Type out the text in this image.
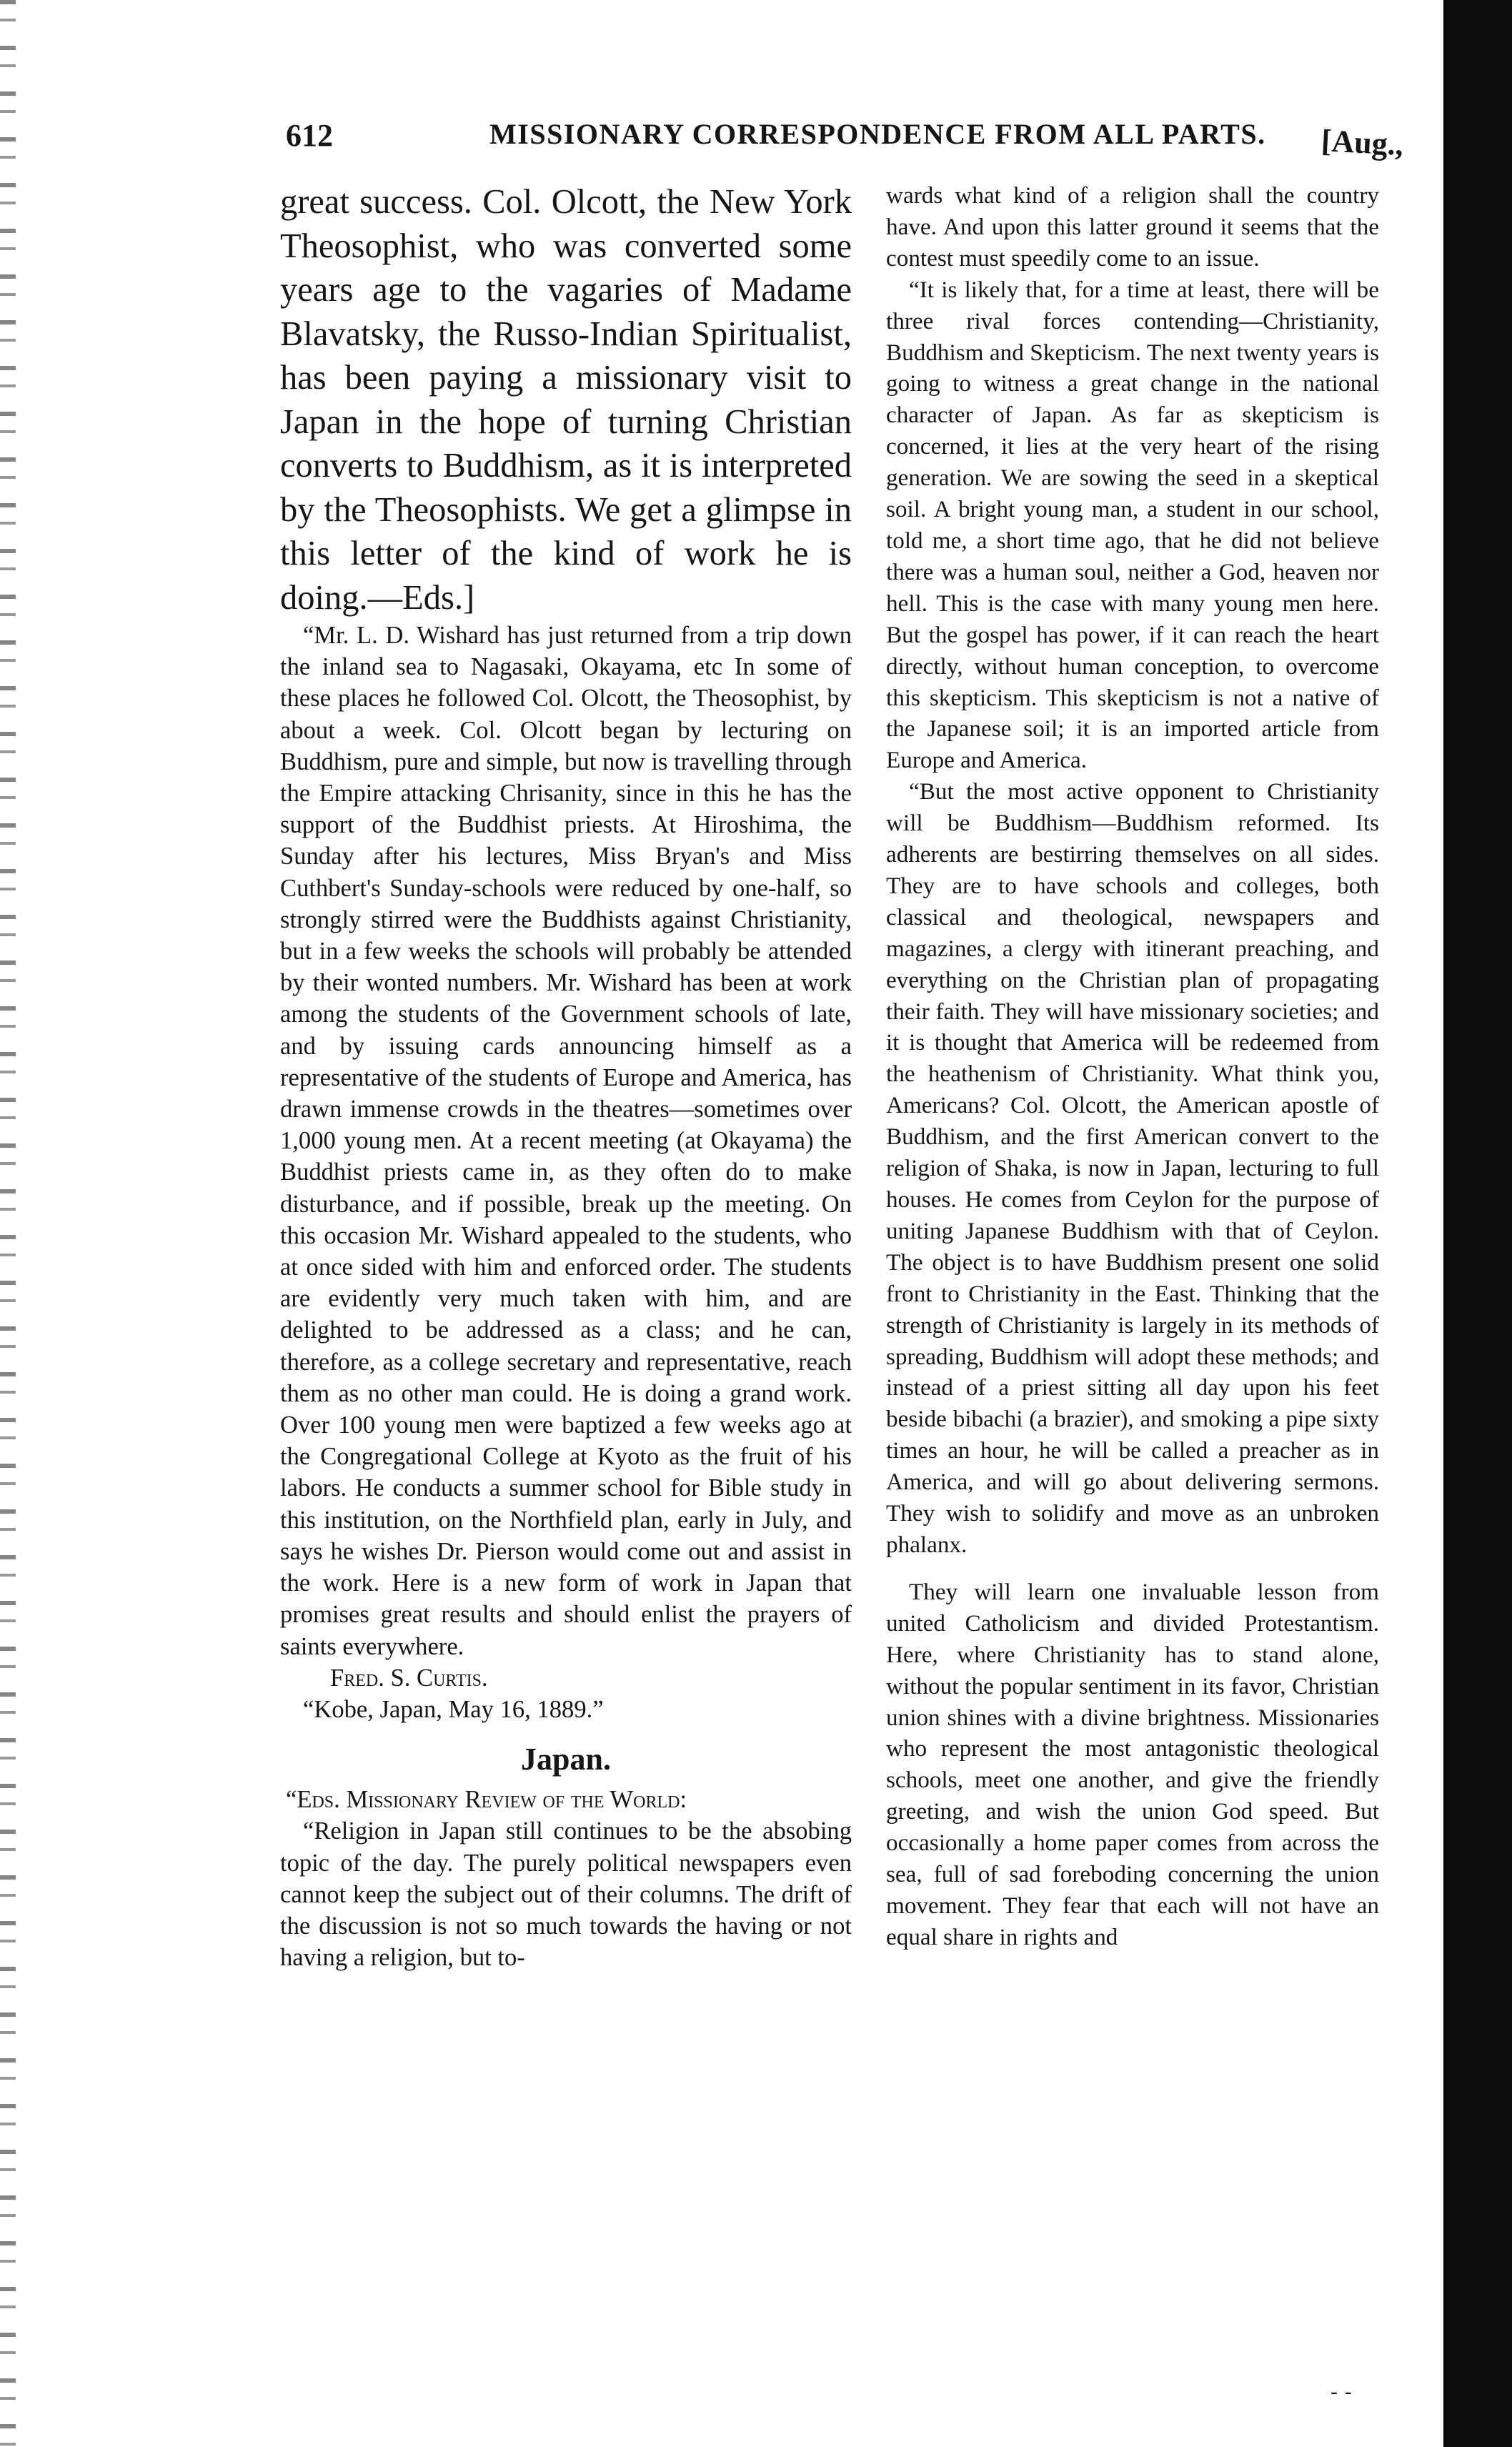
612	MISSIONARY CORRESPONDENCE FROM ALL PARTS. [Aug.,

great success. Col. Olcott, the New York Theosophist, who was converted some years age to the vagaries of Madame Blavatsky, the Russo-Indian Spiritualist, has been paying a missionary visit to Japan in the hope of turning Christian converts to Buddhism, as it is interpreted by the Theosophists. We get a glimpse in this letter of the kind of work he is doing.—Eds.]

“Mr. L. D. Wishard has just returned from a trip down the inland sea to Nagasaki, Okayama, etc In some of these places he followed Col. Olcott, the Theosophist, by about a week. Col. Olcott began by lecturing on Buddhism, pure and simple, but now is travelling through the Empire attacking Chrisanity, since in this he has the support of the Buddhist priests. At Hiroshima, the Sunday after his lectures, Miss Bryan's and Miss Cuthbert's Sunday-schools were reduced by one-half, so strongly stirred were the Buddhists against Christianity, but in a few weeks the schools will probably be attended by their wonted numbers. Mr. Wishard has been at work among the students of the Government schools of late, and by issuing cards announcing himself as a representative of the students of Europe and America, has drawn immense crowds in the theatres—sometimes over 1,000 young men. At a recent meeting (at Okayama) the Buddhist priests came in, as they often do to make disturbance, and if possible, break up the meeting. On this occasion Mr. Wishard appealed to the students, who at once sided with him and enforced order. The students are evidently very much taken with him, and are delighted to be addressed as a class; and he can, therefore, as a college secretary and representative, reach them as no other man could. He is doing a grand work. Over 100 young men were baptized a few weeks ago at the Congregational College at Kyoto as the fruit of his labors. He conducts a summer school for Bible study in this institution, on the Northfield plan, early in July, and says he wishes Dr. Pierson would come out and assist in the work. Here is a new form of work in Japan that promises great results and should enlist the prayers of saints everywhere.

Fred. S. Curtis.

“Kobe, Japan, May 16, 1889.”

Japan.

“Eds. Missionary Review of the World:

“Religion in Japan still continues to be the absobing topic of the day. The purely political newspapers even cannot keep the subject out of their columns. The drift of the discussion is not so much towards the having or not having a religion, but to-

wards what kind of a religion shall the country have. And upon this latter ground it seems that the contest must speedily come to an issue.

“It is likely that, for a time at least, there will be three rival forces contending—Christianity, Buddhism and Skepticism. The next twenty years is going to witness a great change in the national character of Japan. As far as skepticism is concerned, it lies at the very heart of the rising generation. We are sowing the seed in a skeptical soil. A bright young man, a student in our school, told me, a short time ago, that he did not believe there was a human soul, neither a God, heaven nor hell. This is the case with many young men here. But the gospel has power, if it can reach the heart directly, without human conception, to overcome this skepticism. This skepticism is not a native of the Japanese soil; it is an imported article from Europe and America.

“But the most active opponent to Christianity will be Buddhism—Buddhism reformed. Its adherents are bestirring themselves on all sides. They are to have schools and colleges, both classical and theological, newspapers and magazines, a clergy with itinerant preaching, and everything on the Christian plan of propagating their faith. They will have missionary societies; and it is thought that America will be redeemed from the heathenism of Christianity. What think you, Americans? Col. Olcott, the American apostle of Buddhism, and the first American convert to the religion of Shaka, is now in Japan, lecturing to full houses. He comes from Ceylon for the purpose of uniting Japanese Buddhism with that of Ceylon. The object is to have Buddhism present one solid front to Christianity in the East. Thinking that the strength of Christianity is largely in its methods of spreading, Buddhism will adopt these methods; and instead of a priest sitting all day upon his feet beside bibachi (a brazier), and smoking a pipe sixty times an hour, he will be called a preacher as in America, and will go about delivering sermons. They wish to solidify and move as an unbroken phalanx.

They will learn one invaluable lesson from united Catholicism and divided Protestantism. Here, where Christianity has to stand alone, without the popular sentiment in its favor, Christian union shines with a divine brightness. Missionaries who represent the most antagonistic theological schools, meet one another, and give the friendly greeting, and wish the union God speed. But occasionally a home paper comes from across the sea, full of sad foreboding concerning the union movement. They fear that each will not have an equal share in rights and

- -
